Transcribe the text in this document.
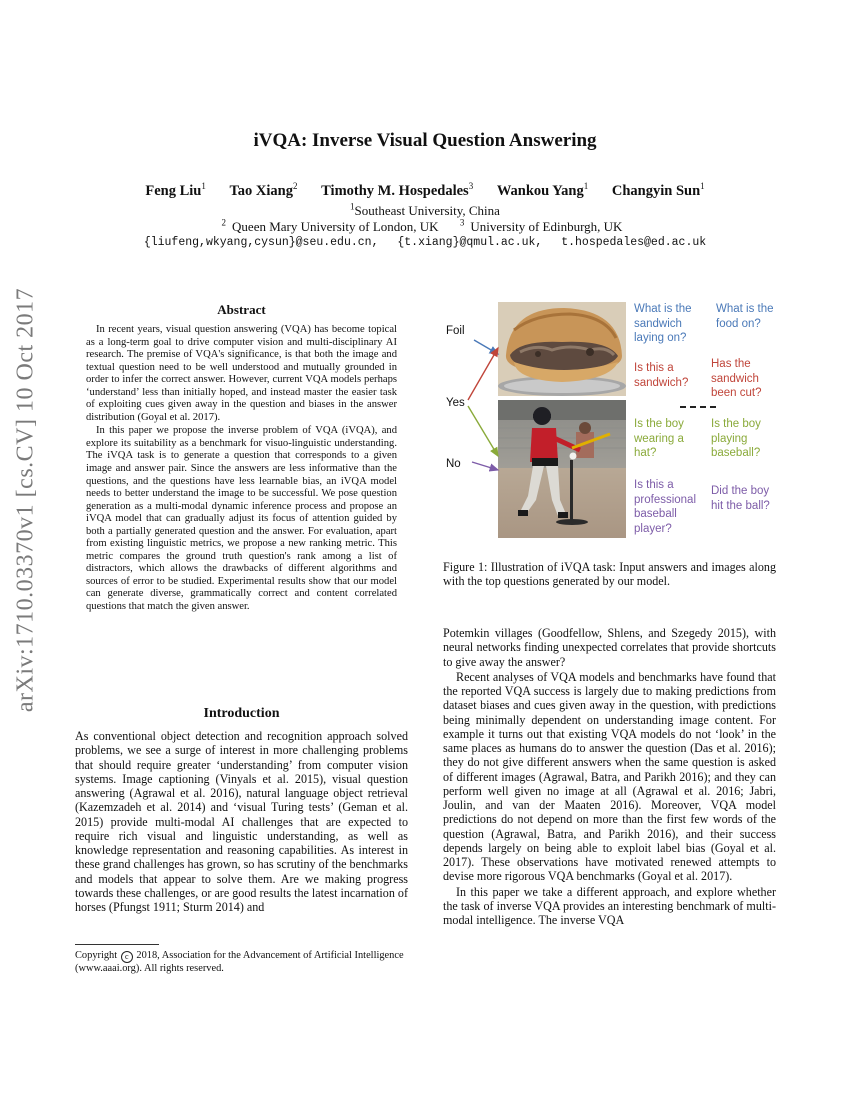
arXiv:1710.03370v1 [cs.CV] 10 Oct 2017
iVQA: Inverse Visual Question Answering
Feng Liu$^1$ Tao Xiang$^2$ Timothy M. Hospedales$^3$ Wankou Yang$^1$ Changyin Sun$^1$
$^1$Southeast University, China
$^2$ Queen Mary University of London, UK $^3$ University of Edinburgh, UK
{liufeng,wkyang,cysun}@seu.edu.cn, {t.xiang}@qmul.ac.uk, t.hospedales@ed.ac.uk
Abstract

In recent years, visual question answering (VQA) has become topical as a long-term goal to drive computer vision and multi-disciplinary AI research. The premise of VQA's significance, is that both the image and textual question need to be well understood and mutually grounded in order to infer the correct answer. However, current VQA models perhaps ‘understand’ less than initially hoped, and instead master the easier task of exploiting cues given away in the question and biases in the answer distribution (Goyal et al. 2017).

In this paper we propose the inverse problem of VQA (iVQA), and explore its suitability as a benchmark for visuo-linguistic understanding. The iVQA task is to generate a question that corresponds to a given image and answer pair. Since the answers are less informative than the questions, and the questions have less learnable bias, an iVQA model needs to better understand the image to be successful. We pose question generation as a multi-modal dynamic inference process and propose an iVQA model that can gradually adjust its focus of attention guided by both a partially generated question and the answer. For evaluation, apart from existing linguistic metrics, we propose a new ranking metric. This metric compares the ground truth question's rank among a list of distractors, which allows the drawbacks of different algorithms and sources of error to be studied. Experimental results show that our model can generate diverse, grammatically correct and content correlated questions that match the given answer.

Introduction

As conventional object detection and recognition approach solved problems, we see a surge of interest in more challenging problems that should require greater ‘understanding’ from computer vision systems. Image captioning (Vinyals et al. 2015), visual question answering (Agrawal et al. 2016), natural language object retrieval (Kazemzadeh et al. 2014) and ‘visual Turing tests’ (Geman et al. 2015) provide multi-modal AI challenges that are expected to require rich visual and linguistic understanding, as well as knowledge representation and reasoning capabilities. As interest in these grand challenges has grown, so has scrutiny of the benchmarks and models that appear to solve them. Are we making progress towards these challenges, or are good results the latest incarnation of horses (Pfungst 1911; Sturm 2014) and

Copyright c 2018, Association for the Advancement of Artificial Intelligence (www.aaai.org). All rights reserved.
Foil
Yes
No
What is the sandwich laying on?
What is the food on?
Is this a sandwich?
Has the sandwich been cut?
Is the boy wearing a hat?
Is the boy playing baseball?
Is this a professional baseball player?
Did the boy hit the ball?
Figure 1: Illustration of iVQA task: Input answers and images along with the top questions generated by our model.

Potemkin villages (Goodfellow, Shlens, and Szegedy 2015), with neural networks finding unexpected correlates that provide shortcuts to give away the answer?

Recent analyses of VQA models and benchmarks have found that the reported VQA success is largely due to making predictions from dataset biases and cues given away in the question, with predictions being minimally dependent on understanding image content. For example it turns out that existing VQA models do not ‘look’ in the same places as humans do to answer the question (Das et al. 2016); they do not give different answers when the same question is asked of different images (Agrawal, Batra, and Parikh 2016); and they can perform well given no image at all (Agrawal et al. 2016; Jabri, Joulin, and van der Maaten 2016). Moreover, VQA model predictions do not depend on more than the first few words of the question (Agrawal, Batra, and Parikh 2016), and their success depends largely on being able to exploit label bias (Goyal et al. 2017). These observations have motivated renewed attempts to devise more rigorous VQA benchmarks (Goyal et al. 2017).

In this paper we take a different approach, and explore whether the task of inverse VQA provides an interesting benchmark of multi-modal intelligence. The inverse VQA
